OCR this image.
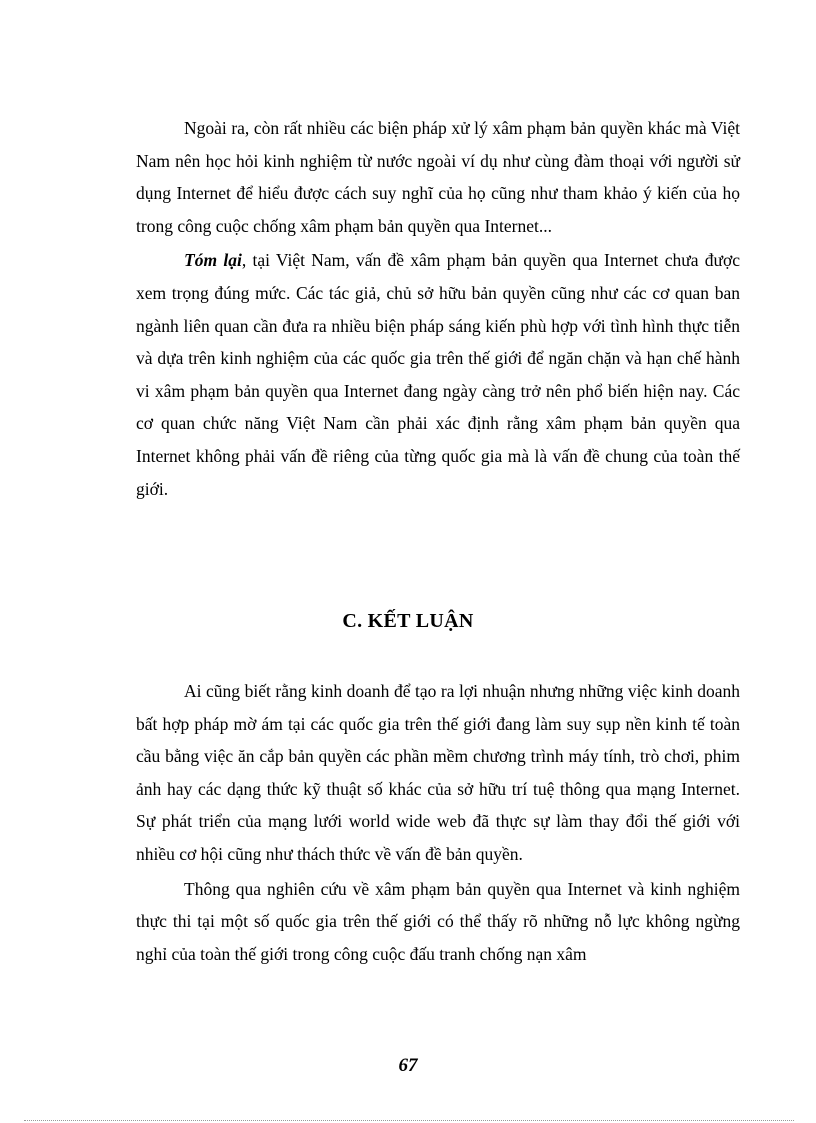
Ngoài ra, còn rất nhiều các biện pháp xử lý xâm phạm bản quyền khác mà Việt Nam nên học hỏi kinh nghiệm từ nước ngoài ví dụ như cùng đàm thoại với người sử dụng Internet để hiểu được cách suy nghĩ của họ cũng như tham khảo ý kiến của họ trong công cuộc chống xâm phạm bản quyền qua Internet...

Tóm lại, tại Việt Nam, vấn đề xâm phạm bản quyền qua Internet chưa được xem trọng đúng mức. Các tác giả, chủ sở hữu bản quyền cũng như các cơ quan ban ngành liên quan cần đưa ra nhiều biện pháp sáng kiến phù hợp với tình hình thực tiễn và dựa trên kinh nghiệm của các quốc gia trên thế giới để ngăn chặn và hạn chế hành vi xâm phạm bản quyền qua Internet đang ngày càng trở nên phổ biến hiện nay. Các cơ quan chức năng Việt Nam cần phải xác định rằng xâm phạm bản quyền qua Internet không phải vấn đề riêng của từng quốc gia mà là vấn đề chung của toàn thế giới.

C. KẾT LUẬN

Ai cũng biết rằng kinh doanh để tạo ra lợi nhuận nhưng những việc kinh doanh bất hợp pháp mờ ám tại các quốc gia trên thế giới đang làm suy sụp nền kinh tế toàn cầu bằng việc ăn cắp bản quyền các phần mềm chương trình máy tính, trò chơi, phim ảnh hay các dạng thức kỹ thuật số khác của sở hữu trí tuệ thông qua mạng Internet. Sự phát triển của mạng lưới world wide web đã thực sự làm thay đổi thế giới với nhiều cơ hội cũng như thách thức về vấn đề bản quyền.

Thông qua nghiên cứu về xâm phạm bản quyền qua Internet và kinh nghiệm thực thi tại một số quốc gia trên thế giới có thể thấy rõ những nỗ lực không ngừng nghỉ của toàn thế giới trong công cuộc đấu tranh chống nạn xâm

67
